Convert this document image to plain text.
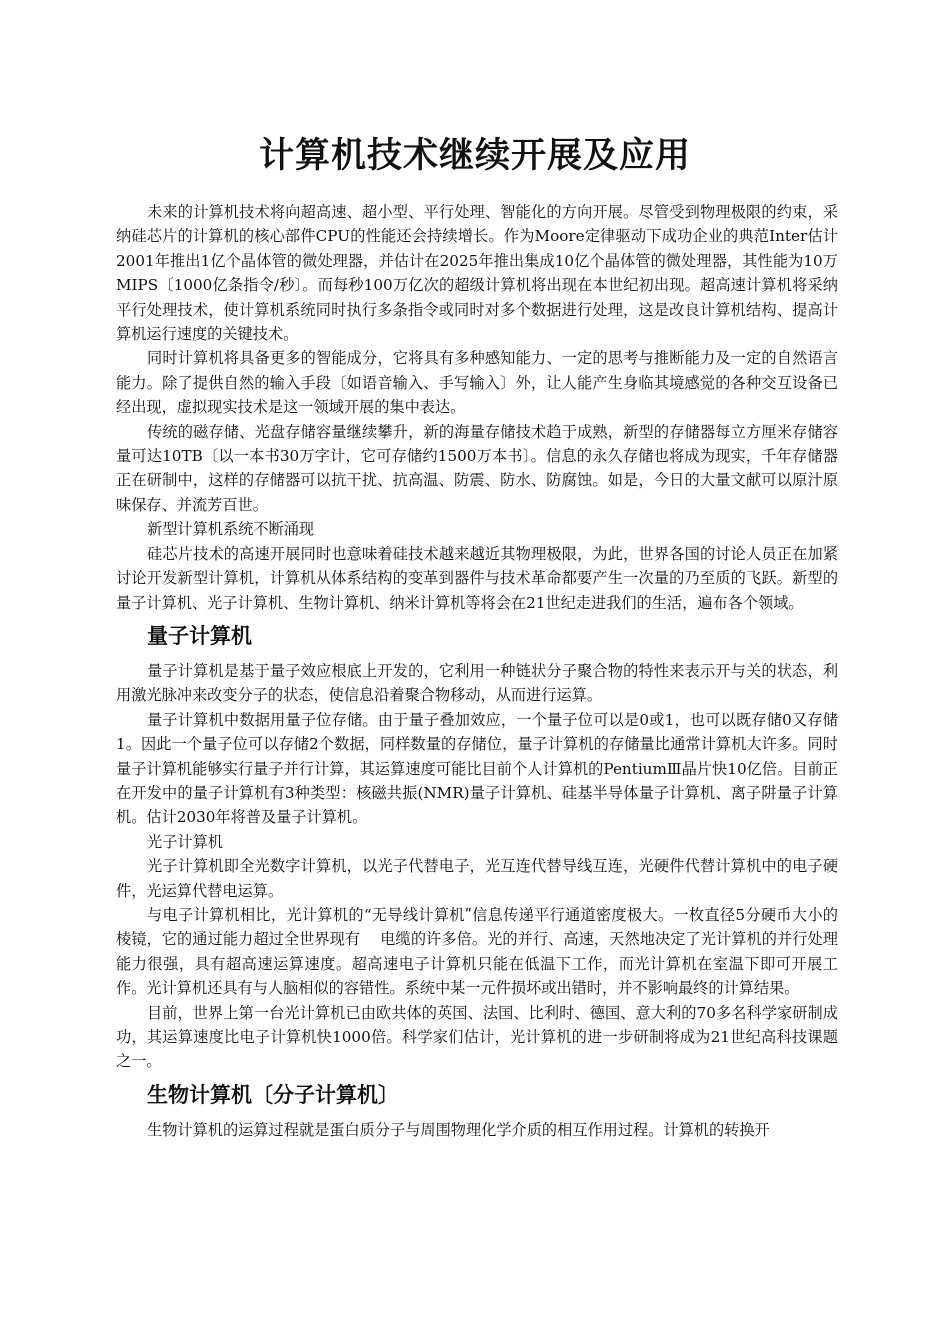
计算机技术继续开展及应用

未来的计算机技术将向超高速、超小型、平行处理、智能化的方向开展。尽管受到物理极限的约束，采纳硅芯片的计算机的核心部件CPU的性能还会持续增长。作为Moore定律驱动下成功企业的典范Inter估计2001年推出1亿个晶体管的微处理器，并估计在2025年推出集成10亿个晶体管的微处理器，其性能为10万MIPS〔1000亿条指令/秒〕。而每秒100万亿次的超级计算机将出现在本世纪初出现。超高速计算机将采纳平行处理技术，使计算机系统同时执行多条指令或同时对多个数据进行处理，这是改良计算机结构、提高计算机运行速度的关键技术。

同时计算机将具备更多的智能成分，它将具有多种感知能力、一定的思考与推断能力及一定的自然语言能力。除了提供自然的输入手段〔如语音输入、手写输入〕外，让人能产生身临其境感觉的各种交互设备已经出现，虚拟现实技术是这一领域开展的集中表达。

传统的磁存储、光盘存储容量继续攀升，新的海量存储技术趋于成熟，新型的存储器每立方厘米存储容量可达10TB〔以一本书30万字计，它可存储约1500万本书〕。信息的永久存储也将成为现实，千年存储器正在研制中，这样的存储器可以抗干扰、抗高温、防震、防水、防腐蚀。如是，今日的大量文献可以原汁原味保存、并流芳百世。

新型计算机系统不断涌现

硅芯片技术的高速开展同时也意味着硅技术越来越近其物理极限，为此，世界各国的讨论人员正在加紧讨论开发新型计算机，计算机从体系结构的变革到器件与技术革命都要产生一次量的乃至质的飞跃。新型的量子计算机、光子计算机、生物计算机、纳米计算机等将会在21世纪走进我们的生活，遍布各个领域。

量子计算机

量子计算机是基于量子效应根底上开发的，它利用一种链状分子聚合物的特性来表示开与关的状态，利用激光脉冲来改变分子的状态，使信息沿着聚合物移动，从而进行运算。

量子计算机中数据用量子位存储。由于量子叠加效应，一个量子位可以是0或1，也可以既存储0又存储1。因此一个量子位可以存储2个数据，同样数量的存储位，量子计算机的存储量比通常计算机大许多。同时量子计算机能够实行量子并行计算，其运算速度可能比目前个人计算机的PentiumⅢ晶片快10亿倍。目前正在开发中的量子计算机有3种类型：核磁共振(NMR)量子计算机、硅基半导体量子计算机、离子阱量子计算机。估计2030年将普及量子计算机。

光子计算机

光子计算机即全光数字计算机，以光子代替电子，光互连代替导线互连，光硬件代替计算机中的电子硬件，光运算代替电运算。

与电子计算机相比，光计算机的“无导线计算机ʺ信息传递平行通道密度极大。一枚直径5分硬币大小的棱镜，它的通过能力超过全世界现有　 电缆的许多倍。光的并行、高速，天然地决定了光计算机的并行处理能力很强，具有超高速运算速度。超高速电子计算机只能在低温下工作，而光计算机在室温下即可开展工作。光计算机还具有与人脑相似的容错性。系统中某一元件损坏或出错时，并不影响最终的计算结果。

目前，世界上第一台光计算机已由欧共体的英国、法国、比利时、德国、意大利的70多名科学家研制成功，其运算速度比电子计算机快1000倍。科学家们估计，光计算机的进一步研制将成为21世纪高科技课题之一。

生物计算机〔分子计算机〕

生物计算机的运算过程就是蛋白质分子与周围物理化学介质的相互作用过程。计算机的转换开
